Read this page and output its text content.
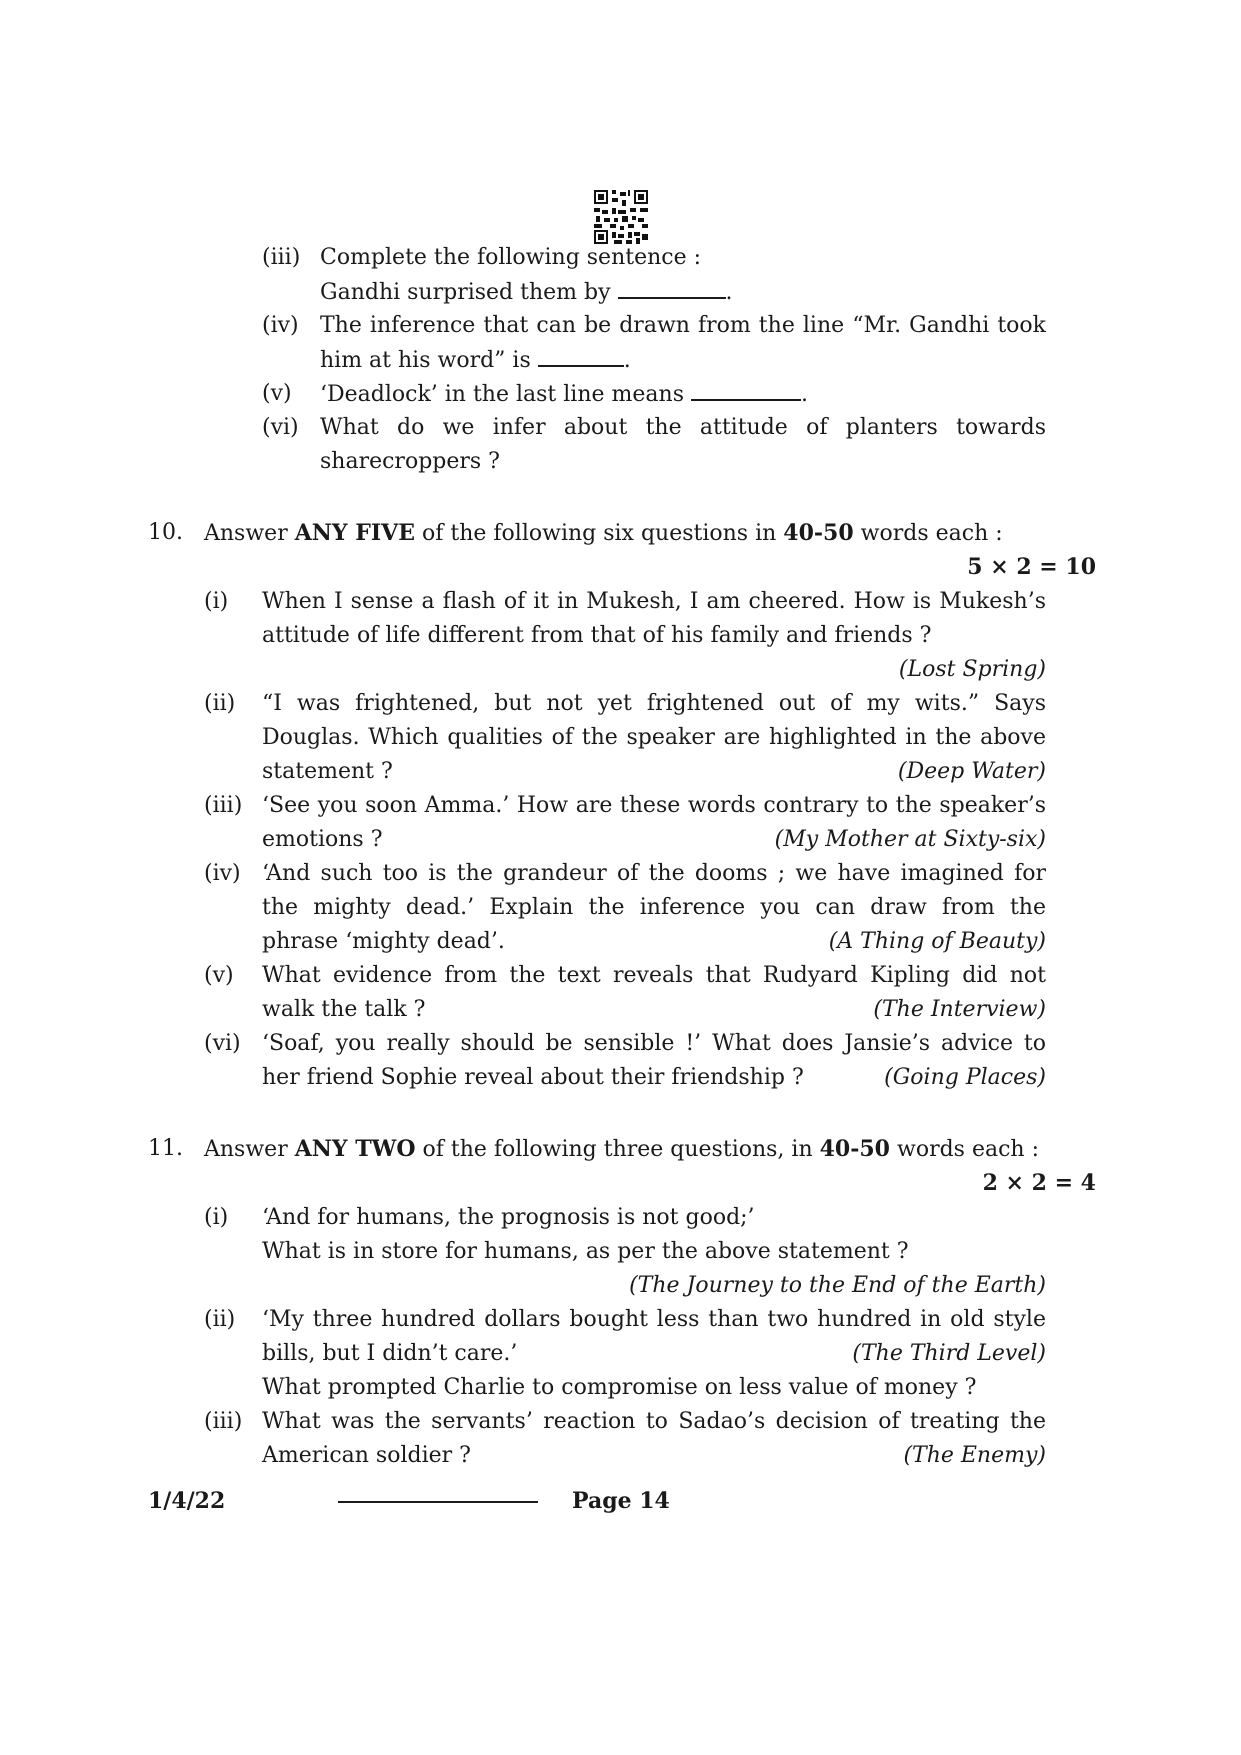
(iii) Complete the following sentence :
Gandhi surprised them by	.
(iv) The inference that can be drawn from the line “Mr. Gandhi took
him at his word” is	.
(v) ‘Deadlock’ in the last line means	.
(vi) What do we infer about the attitude of planters towards
sharecroppers ?
10. Answer ANY FIVE of the following six questions in 40-50 words each :
5 × 2 = 10
(i) When I sense a flash of it in Mukesh, I am cheered. How is Mukesh’s
attitude of life different from that of his family and friends ?
(Lost Spring)
(ii) “I was frightened, but not yet frightened out of my wits.” Says
Douglas. Which qualities of the speaker are highlighted in the above
statement ?	(Deep Water)
(iii) ‘See you soon Amma.’ How are these words contrary to the speaker’s
emotions ?	(My Mother at Sixty-six)
(iv) ‘And such too is the grandeur of the dooms ; we have imagined for
the mighty dead.’ Explain the inference you can draw from the
phrase ‘mighty dead’.	(A Thing of Beauty)
(v) What evidence from the text reveals that Rudyard Kipling did not
walk the talk ?	(The Interview)
(vi) ‘Soaf, you really should be sensible !’ What does Jansie’s advice to
her friend Sophie reveal about their friendship ?	(Going Places)
11. Answer ANY TWO of the following three questions, in 40-50 words each :
2 × 2 = 4
(i) ‘And for humans, the prognosis is not good;’
What is in store for humans, as per the above statement ?
(The Journey to the End of the Earth)
(ii) ‘My three hundred dollars bought less than two hundred in old style
bills, but I didn’t care.’	(The Third Level)
What prompted Charlie to compromise on less value of money ?
(iii) What was the servants’ reaction to Sadao’s decision of treating the
American soldier ?	(The Enemy)
1/4/22	Page 14
